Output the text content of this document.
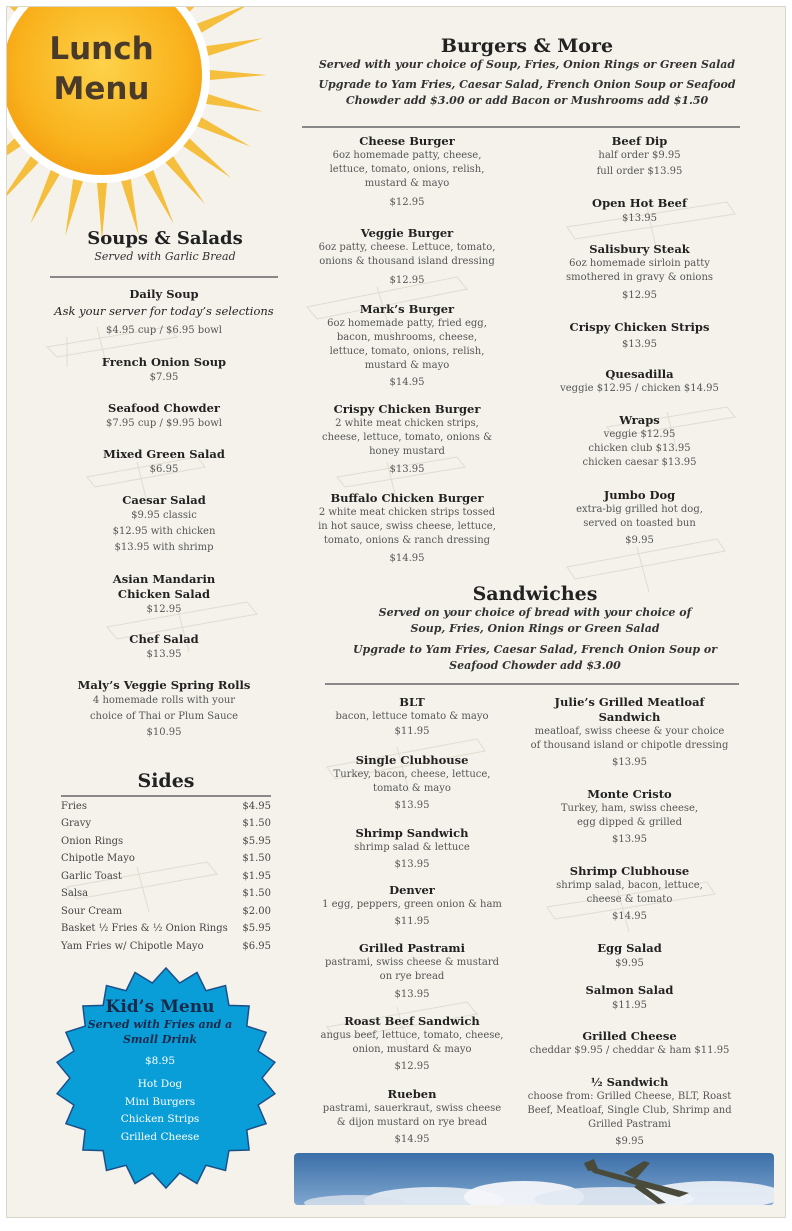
Lunch
Menu
Burgers & More
Served with your choice of Soup, Fries, Onion Rings or Green Salad
Upgrade to Yam Fries, Caesar Salad, French Onion Soup or Seafood
Chowder add $3.00 or add Bacon or Mushrooms add $1.50
Cheese Burger
6oz homemade patty, cheese,
lettuce, tomato, onions, relish,
mustard & mayo
$12.95
Veggie Burger
6oz patty, cheese. Lettuce, tomato,
onions & thousand island dressing
$12.95
Mark’s Burger
6oz homemade patty, fried egg,
bacon, mushrooms, cheese,
lettuce, tomato, onions, relish,
mustard & mayo
$14.95
Crispy Chicken Burger
2 white meat chicken strips,
cheese, lettuce, tomato, onions &
honey mustard
$13.95
Buffalo Chicken Burger
2 white meat chicken strips tossed
in hot sauce, swiss cheese, lettuce,
tomato, onions & ranch dressing
$14.95
Beef Dip
half order $9.95
full order $13.95
Open Hot Beef
$13.95
Salisbury Steak
6oz homemade sirloin patty
smothered in gravy & onions
$12.95
Crispy Chicken Strips
$13.95
Quesadilla
veggie $12.95 / chicken $14.95
Wraps
veggie $12.95
chicken club $13.95
chicken caesar $13.95
Jumbo Dog
extra-big grilled hot dog,
served on toasted bun
$9.95
Soups & Salads
Served with Garlic Bread
Daily Soup
Ask your server for today’s selections
$4.95 cup / $6.95 bowl
French Onion Soup
$7.95
Seafood Chowder
$7.95 cup / $9.95 bowl
Mixed Green Salad
$6.95
Caesar Salad
$9.95 classic
$12.95 with chicken
$13.95 with shrimp
Asian Mandarin Chicken Salad
$12.95
Chef Salad
$13.95
Maly’s Veggie Spring Rolls
4 homemade rolls with your
choice of Thai or Plum Sauce
$10.95
Sides
Fries	$4.95
Gravy	$1.50
Onion Rings	$5.95
Chipotle Mayo	$1.50
Garlic Toast	$1.95
Salsa	$1.50
Sour Cream	$2.00
Basket ½ Fries & ½ Onion Rings $5.95
Yam Fries w/ Chipotle Mayo	$6.95
Kid’s Menu
Served with Fries and a
Small Drink
$8.95
Hot Dog
Mini Burgers
Chicken Strips
Grilled Cheese
Sandwiches
Served on your choice of bread with your choice of
Soup, Fries, Onion Rings or Green Salad
Upgrade to Yam Fries, Caesar Salad, French Onion Soup or
Seafood Chowder add $3.00
BLT
bacon, lettuce tomato & mayo
$11.95
Single Clubhouse
Turkey, bacon, cheese, lettuce,
tomato & mayo
$13.95
Shrimp Sandwich
shrimp salad & lettuce
$13.95
Denver
1 egg, peppers, green onion & ham
$11.95
Grilled Pastrami
pastrami, swiss cheese & mustard
on rye bread
$13.95
Roast Beef Sandwich
angus beef, lettuce, tomato, cheese,
onion, mustard & mayo
$12.95
Rueben
pastrami, sauerkraut, swiss cheese
& dijon mustard on rye bread
$14.95
Julie’s Grilled Meatloaf Sandwich
meatloaf, swiss cheese & your choice
of thousand island or chipotle dressing
$13.95
Monte Cristo
Turkey, ham, swiss cheese,
egg dipped & grilled
$13.95
Shrimp Clubhouse
shrimp salad, bacon, lettuce,
cheese & tomato
$14.95
Egg Salad
$9.95
Salmon Salad
$11.95
Grilled Cheese
cheddar $9.95 / cheddar & ham $11.95
½ Sandwich
choose from: Grilled Cheese, BLT, Roast
Beef, Meatloaf, Single Club, Shrimp and
Grilled Pastrami
$9.95
